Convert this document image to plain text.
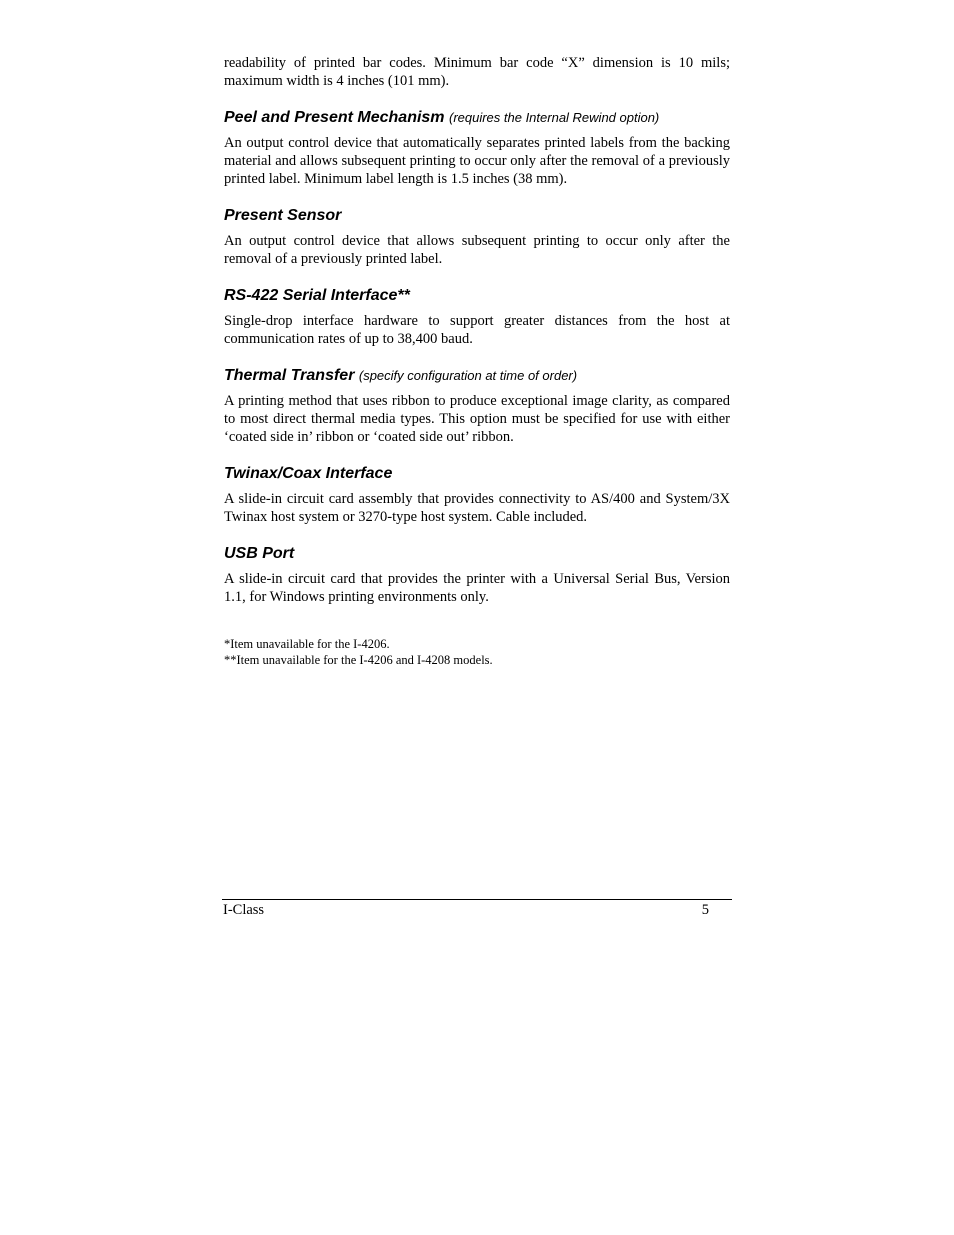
readability of printed bar codes. Minimum bar code “X” dimension is 10 mils; maximum width is 4 inches (101 mm).

Peel and Present Mechanism (requires the Internal Rewind option)

An output control device that automatically separates printed labels from the backing material and allows subsequent printing to occur only after the removal of a previously printed label. Minimum label length is 1.5 inches (38 mm).

Present Sensor

An output control device that allows subsequent printing to occur only after the removal of a previously printed label.

RS-422 Serial Interface**

Single-drop interface hardware to support greater distances from the host at communication rates of up to 38,400 baud.

Thermal Transfer (specify configuration at time of order)

A printing method that uses ribbon to produce exceptional image clarity, as compared to most direct thermal media types. This option must be specified for use with either ‘coated side in’ ribbon or ‘coated side out’ ribbon.

Twinax/Coax Interface

A slide-in circuit card assembly that provides connectivity to AS/400 and System/3X Twinax host system or 3270-type host system. Cable included.

USB Port

A slide-in circuit card that provides the printer with a Universal Serial Bus, Version 1.1, for Windows printing environments only.

*Item unavailable for the I-4206.
**Item unavailable for the I-4206 and I-4208 models.
I-Class	5
